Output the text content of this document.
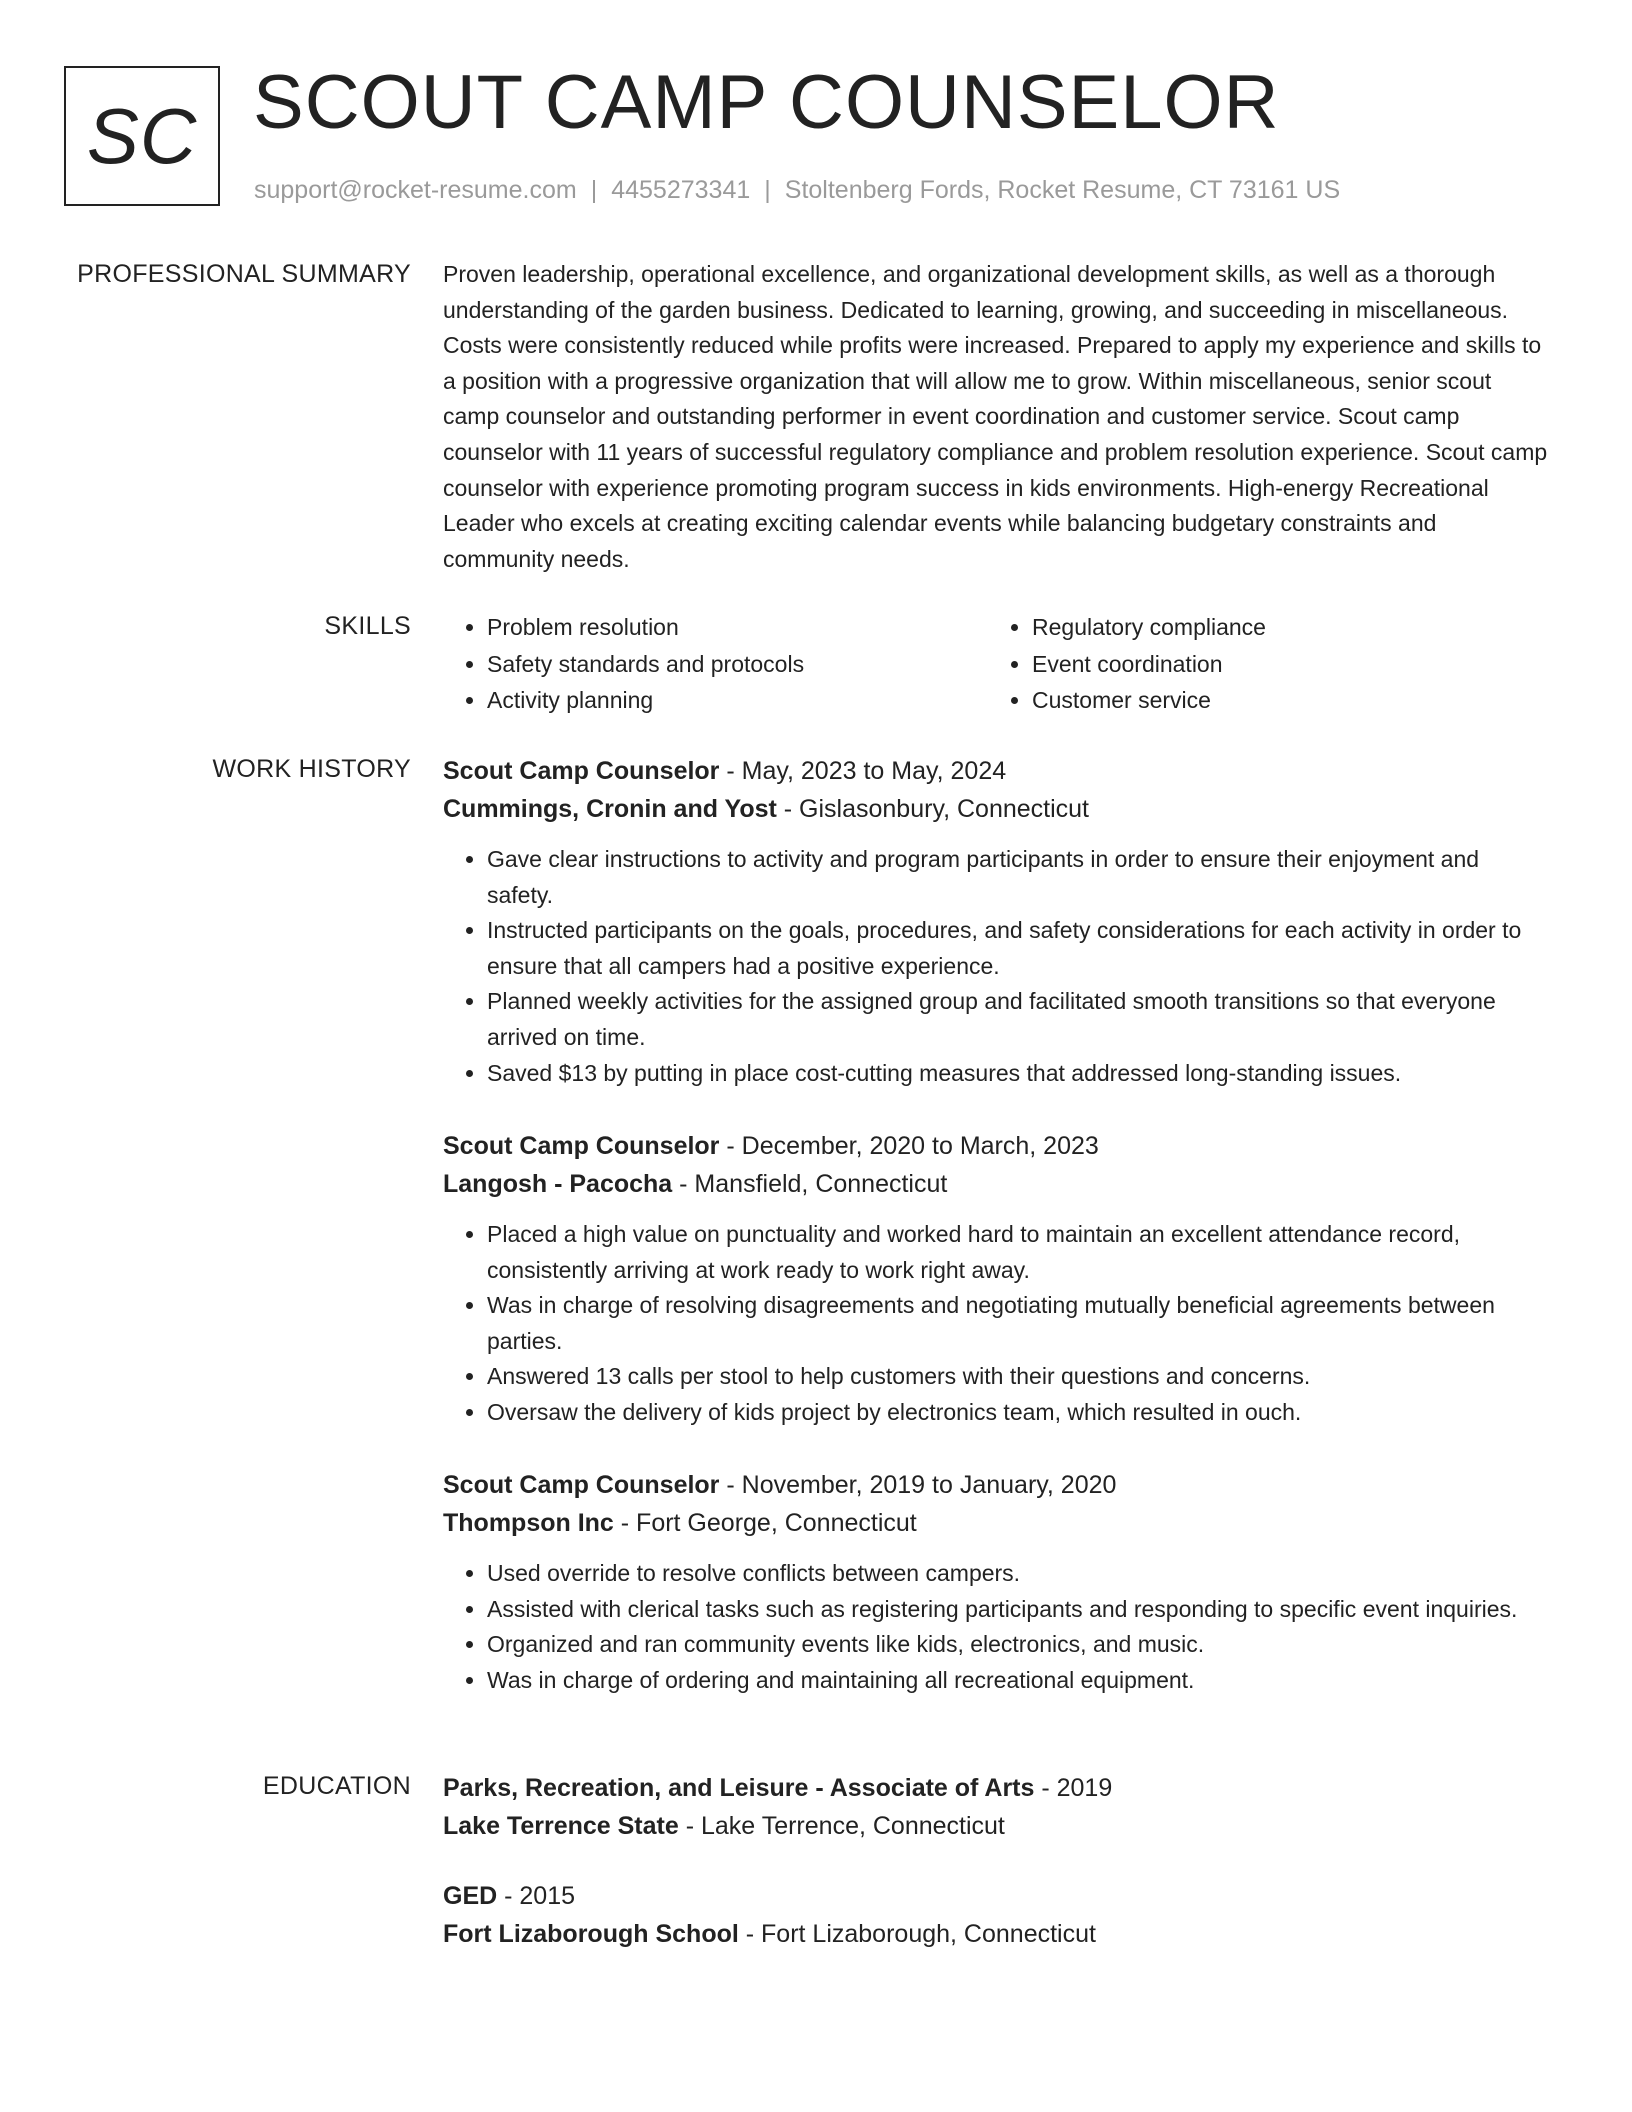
SC SCOUT CAMP COUNSELOR
support@rocket-resume.com | 4455273341 | Stoltenberg Fords, Rocket Resume, CT 73161 US
PROFESSIONAL SUMMARY Proven leadership, operational excellence, and organizational development skills, as well as a thorough understanding of the garden business. Dedicated to learning, growing, and succeeding in miscellaneous. Costs were consistently reduced while profits were increased. Prepared to apply my experience and skills to a position with a progressive organization that will allow me to grow. Within miscellaneous, senior scout camp counselor and outstanding performer in event coordination and customer service. Scout camp counselor with 11 years of successful regulatory compliance and problem resolution experience. Scout camp counselor with experience promoting program success in kids environments. High-energy Recreational Leader who excels at creating exciting calendar events while balancing budgetary constraints and community needs.

SKILLS
•	Problem resolution
• Safety standards and protocols
• Activity planning
• Regulatory compliance
• Event coordination
• Customer service
WORK HISTORY Scout Camp Counselor - May, 2023 to May, 2024
Cummings, Cronin and Yost - Gislasonbury, Connecticut
• Gave clear instructions to activity and program participants in order to ensure their enjoyment and safety.
• Instructed participants on the goals, procedures, and safety considerations for each activity in order to ensure that all campers had a positive experience.
• Planned weekly activities for the assigned group and facilitated smooth transitions so that everyone arrived on time.
• Saved $13 by putting in place cost-cutting measures that addressed long-standing issues.
Scout Camp Counselor - December, 2020 to March, 2023
Langosh - Pacocha - Mansfield, Connecticut
• Placed a high value on punctuality and worked hard to maintain an excellent attendance record, consistently arriving at work ready to work right away.
• Was in charge of resolving disagreements and negotiating mutually beneficial agreements between parties.
• Answered 13 calls per stool to help customers with their questions and concerns.
• Oversaw the delivery of kids project by electronics team, which resulted in ouch.
Scout Camp Counselor - November, 2019 to January, 2020
Thompson Inc - Fort George, Connecticut
• Used override to resolve conflicts between campers.
• Assisted with clerical tasks such as registering participants and responding to specific event inquiries.
• Organized and ran community events like kids, electronics, and music.
• Was in charge of ordering and maintaining all recreational equipment.
EDUCATION Parks, Recreation, and Leisure - Associate of Arts - 2019
Lake Terrence State - Lake Terrence, Connecticut
GED - 2015
Fort Lizaborough School - Fort Lizaborough, Connecticut
